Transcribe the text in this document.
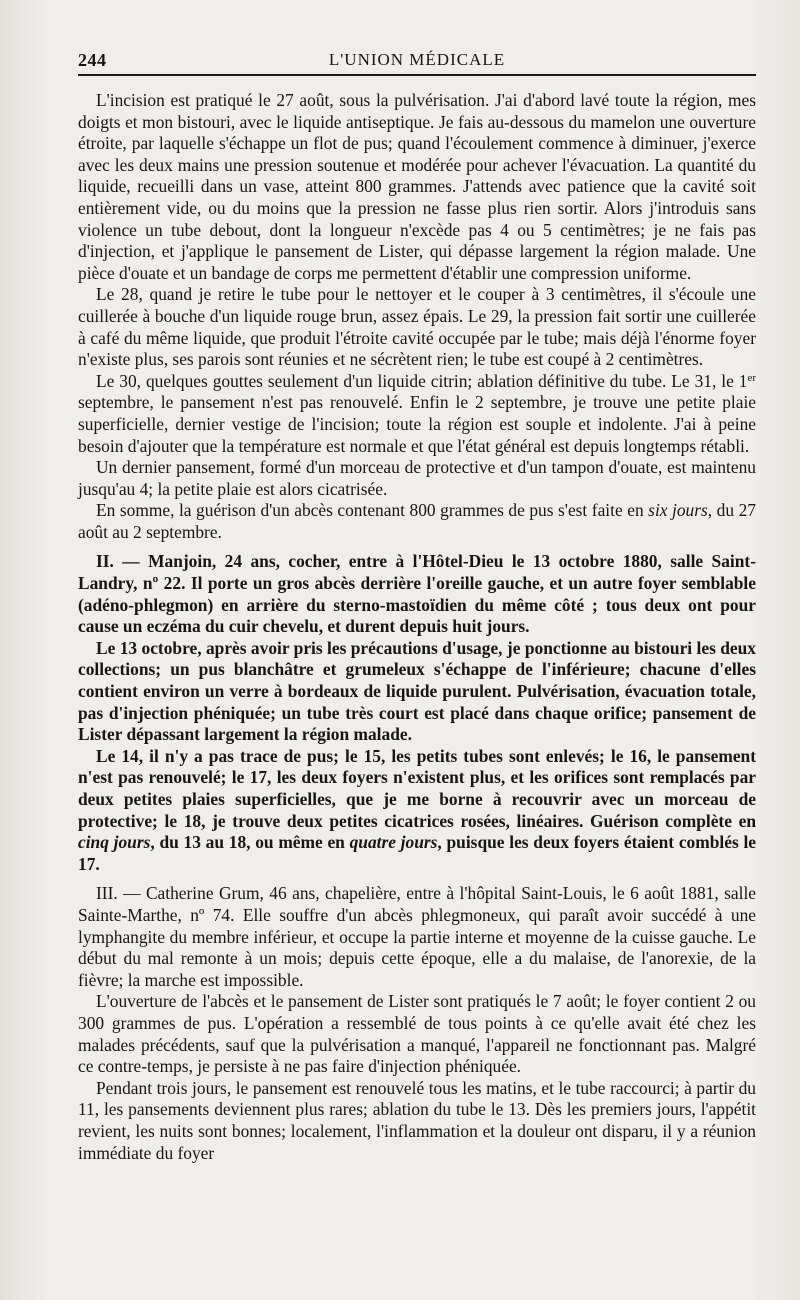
244	L'UNION MÉDICALE

L'incision est pratiqué le 27 août, sous la pulvérisation. J'ai d'abord lavé toute la région, mes doigts et mon bistouri, avec le liquide antiseptique. Je fais au-dessous du mamelon une ouverture étroite, par laquelle s'échappe un flot de pus; quand l'écoulement commence à diminuer, j'exerce avec les deux mains une pression soutenue et modérée pour achever l'évacuation. La quantité du liquide, recueilli dans un vase, atteint 800 grammes. J'attends avec patience que la cavité soit entièrement vide, ou du moins que la pression ne fasse plus rien sortir. Alors j'introduis sans violence un tube debout, dont la longueur n'excède pas 4 ou 5 centimètres; je ne fais pas d'injection, et j'applique le pansement de Lister, qui dépasse largement la région malade. Une pièce d'ouate et un bandage de corps me permettent d'établir une compression uniforme.

Le 28, quand je retire le tube pour le nettoyer et le couper à 3 centimètres, il s'écoule une cuillerée à bouche d'un liquide rouge brun, assez épais. Le 29, la pression fait sortir une cuillerée à café du même liquide, que produit l'étroite cavité occupée par le tube; mais déjà l'énorme foyer n'existe plus, ses parois sont réunies et ne sécrètent rien; le tube est coupé à 2 centimètres.

Le 30, quelques gouttes seulement d'un liquide citrin; ablation définitive du tube. Le 31, le 1er septembre, le pansement n'est pas renouvelé. Enfin le 2 septembre, je trouve une petite plaie superficielle, dernier vestige de l'incision; toute la région est souple et indolente. J'ai à peine besoin d'ajouter que la température est normale et que l'état général est depuis longtemps rétabli.

Un dernier pansement, formé d'un morceau de protective et d'un tampon d'ouate, est maintenu jusqu'au 4; la petite plaie est alors cicatrisée.

En somme, la guérison d'un abcès contenant 800 grammes de pus s'est faite en six jours, du 27 août au 2 septembre.

II. — Manjoin, 24 ans, cocher, entre à l'Hôtel-Dieu le 13 octobre 1880, salle Saint-Landry, nº 22. Il porte un gros abcès derrière l'oreille gauche, et un autre foyer semblable (adéno-phlegmon) en arrière du sterno-mastoïdien du même côté ; tous deux ont pour cause un eczéma du cuir chevelu, et durent depuis huit jours.

Le 13 octobre, après avoir pris les précautions d'usage, je ponctionne au bistouri les deux collections; un pus blanchâtre et grumeleux s'échappe de l'inférieure; chacune d'elles contient environ un verre à bordeaux de liquide purulent. Pulvérisation, évacuation totale, pas d'injection phéniquée; un tube très court est placé dans chaque orifice; pansement de Lister dépassant largement la région malade.

Le 14, il n'y a pas trace de pus; le 15, les petits tubes sont enlevés; le 16, le pansement n'est pas renouvelé; le 17, les deux foyers n'existent plus, et les orifices sont remplacés par deux petites plaies superficielles, que je me borne à recouvrir avec un morceau de protective; le 18, je trouve deux petites cicatrices rosées, linéaires. Guérison complète en cinq jours, du 13 au 18, ou même en quatre jours, puisque les deux foyers étaient comblés le 17.

III. — Catherine Grum, 46 ans, chapelière, entre à l'hôpital Saint-Louis, le 6 août 1881, salle Sainte-Marthe, nº 74. Elle souffre d'un abcès phlegmoneux, qui paraît avoir succédé à une lymphangite du membre inférieur, et occupe la partie interne et moyenne de la cuisse gauche. Le début du mal remonte à un mois; depuis cette époque, elle a du malaise, de l'anorexie, de la fièvre; la marche est impossible.

L'ouverture de l'abcès et le pansement de Lister sont pratiqués le 7 août; le foyer contient 2 ou 300 grammes de pus. L'opération a ressemblé de tous points à ce qu'elle avait été chez les malades précédents, sauf que la pulvérisation a manqué, l'appareil ne fonctionnant pas. Malgré ce contre-temps, je persiste à ne pas faire d'injection phéniquée.

Pendant trois jours, le pansement est renouvelé tous les matins, et le tube raccourci; à partir du 11, les pansements deviennent plus rares; ablation du tube le 13. Dès les premiers jours, l'appétit revient, les nuits sont bonnes; localement, l'inflammation et la douleur ont disparu, il y a réunion immédiate du foyer
